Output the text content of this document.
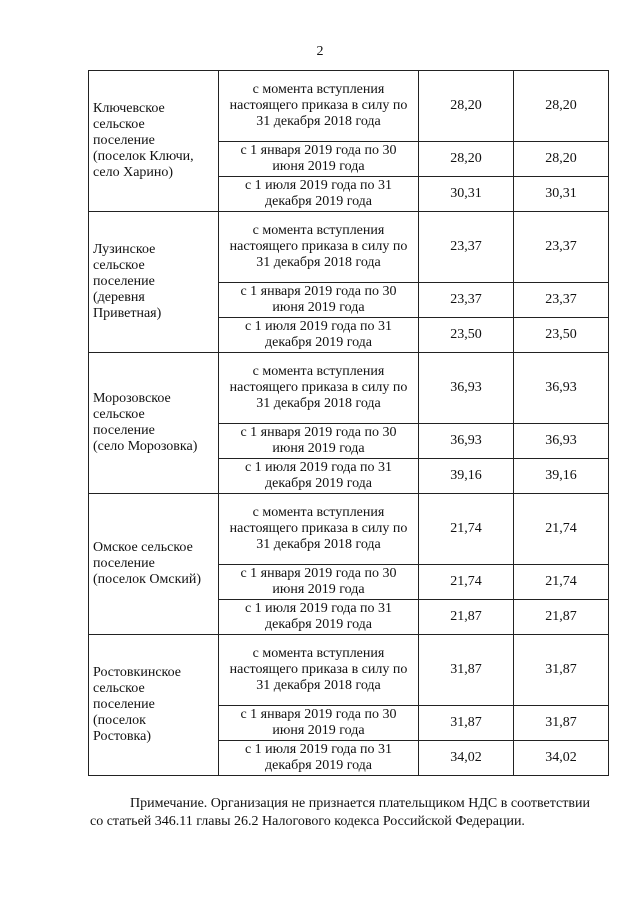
2
Ключевское
сельское
поселение
(поселок Ключи,
село Харино)	с момента вступления настоящего приказа в силу по 31 декабря 2018 года	28,20	28,20
	с 1 января 2019 года по 30 июня 2019 года	28,20	28,20
	с 1 июля 2019 года по 31 декабря 2019 года	30,31	30,31

Лузинское
сельское
поселение
(деревня
Приветная)	с момента вступления настоящего приказа в силу по 31 декабря 2018 года	23,37	23,37
	с 1 января 2019 года по 30 июня 2019 года	23,37	23,37
	с 1 июля 2019 года по 31 декабря 2019 года	23,50	23,50

Морозовское
сельское
поселение
(село Морозовка)	с момента вступления настоящего приказа в силу по 31 декабря 2018 года	36,93	36,93
	с 1 января 2019 года по 30 июня 2019 года	36,93	36,93
	с 1 июля 2019 года по 31 декабря 2019 года	39,16	39,16

Омское сельское
поселение
(поселок Омский)	с момента вступления настоящего приказа в силу по 31 декабря 2018 года	21,74	21,74
	с 1 января 2019 года по 30 июня 2019 года	21,74	21,74
	с 1 июля 2019 года по 31 декабря 2019 года	21,87	21,87

Ростовкинское
сельское
поселение
(поселок
Ростовка)	с момента вступления настоящего приказа в силу по 31 декабря 2018 года	31,87	31,87
	с 1 января 2019 года по 30 июня 2019 года	31,87	31,87
	с 1 июля 2019 года по 31 декабря 2019 года	34,02	34,02
Примечание. Организация не признается плательщиком НДС в соответствии со статьей 346.11 главы 26.2 Налогового кодекса Российской Федерации.
